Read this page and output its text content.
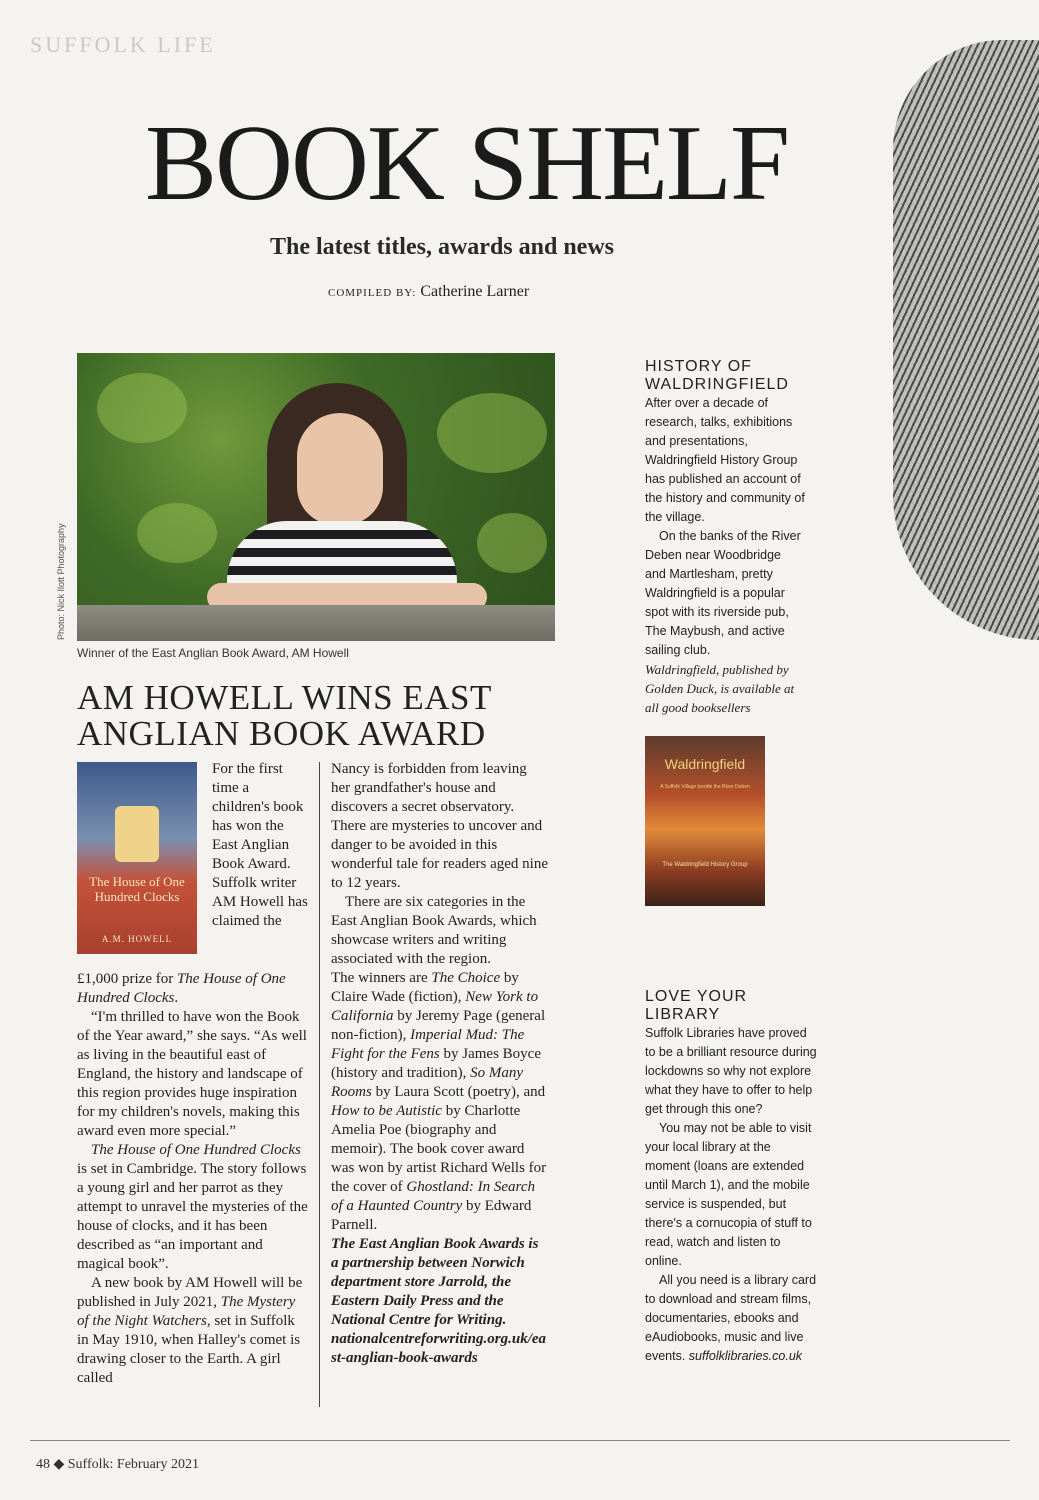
SUFFOLK LIFE
BOOK SHELF
The latest titles, awards and news
COMPILED BY: Catherine Larner
Photo: Nick Ilott Photography
Winner of the East Anglian Book Award, AM Howell
AM HOWELL WINS EAST ANGLIAN BOOK AWARD
The House of One Hundred Clocks
A.M. HOWELL

For the first time a children's book has won the East Anglian Book Award. Suffolk writer AM Howell has claimed the

£1,000 prize for The House of One Hundred Clocks.

“I'm thrilled to have won the Book of the Year award,” she says. “As well as living in the beautiful east of England, the history and landscape of this region provides huge inspiration for my children's novels, making this award even more special.”

The House of One Hundred Clocks is set in Cambridge. The story follows a young girl and her parrot as they attempt to unravel the mysteries of the house of clocks, and it has been described as “an important and magical book”.

A new book by AM Howell will be published in July 2021, The Mystery of the Night Watchers, set in Suffolk in May 1910, when Halley's comet is drawing closer to the Earth. A girl called

Nancy is forbidden from leaving her grandfather's house and discovers a secret observatory. There are mysteries to uncover and danger to be avoided in this wonderful tale for readers aged nine to 12 years.

There are six categories in the East Anglian Book Awards, which showcase writers and writing associated with the region.

The winners are The Choice by Claire Wade (fiction), New York to California by Jeremy Page (general non-fiction), Imperial Mud: The Fight for the Fens by James Boyce (history and tradition), So Many Rooms by Laura Scott (poetry), and How to be Autistic by Charlotte Amelia Poe (biography and memoir). The book cover award was won by artist Richard Wells for the cover of Ghostland: In Search of a Haunted Country by Edward Parnell.

The East Anglian Book Awards is a partnership between Norwich department store Jarrold, the Eastern Daily Press and the National Centre for Writing. nationalcentreforwriting.org.uk/east-anglian-book-awards

HISTORY OF WALDRINGFIELD

After over a decade of research, talks, exhibitions and presentations, Waldringfield History Group has published an account of the history and community of the village.

On the banks of the River Deben near Woodbridge and Martlesham, pretty Waldringfield is a popular spot with its riverside pub, The Maybush, and active sailing club.

Waldringfield, published by Golden Duck, is available at all good booksellers

Waldringfield
A Suffolk Village beside the River Deben
The Waldringfield History Group
LOVE YOUR LIBRARY

Suffolk Libraries have proved to be a brilliant resource during lockdowns so why not explore what they have to offer to help get through this one?

You may not be able to visit your local library at the moment (loans are extended until March 1), and the mobile service is suspended, but there's a cornucopia of stuff to read, watch and listen to online.

All you need is a library card to download and stream films, documentaries, ebooks and eAudiobooks, music and live events. suffolklibraries.co.uk

48 ◆ Suffolk: February 2021
